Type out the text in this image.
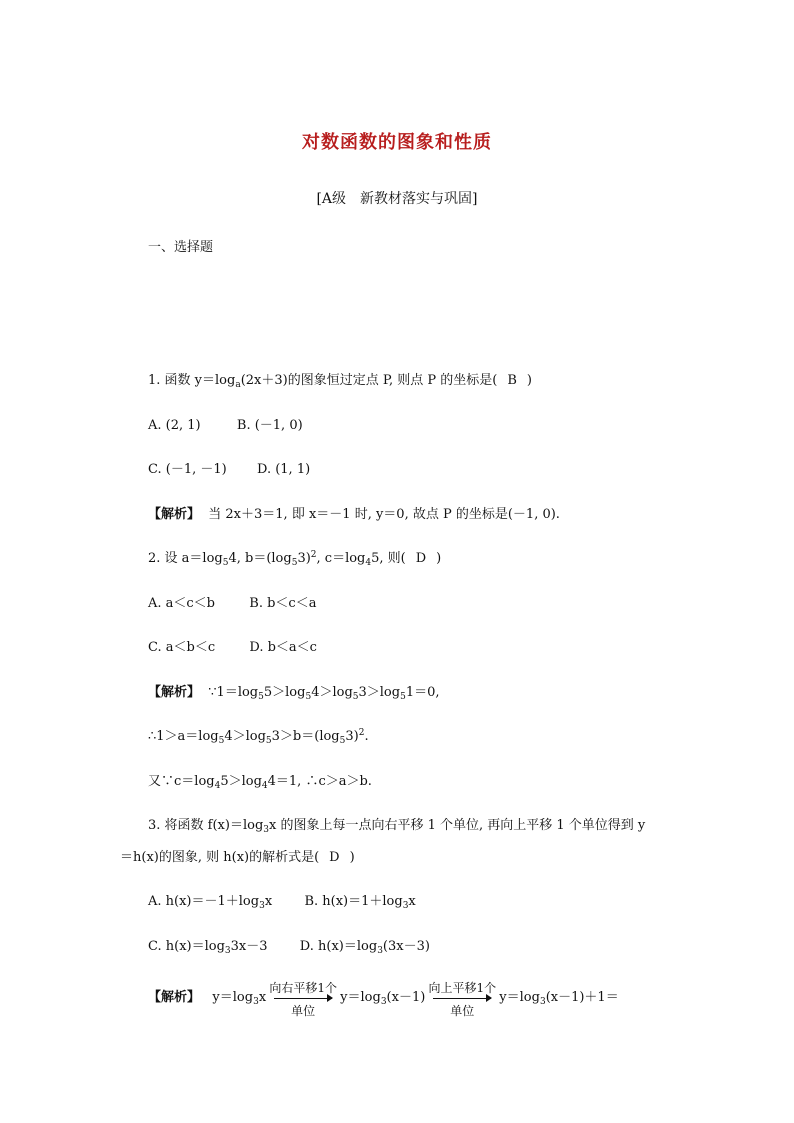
对数函数的图象和性质
[A级　新教材落实与巩固]
一、选择题
1. 函数 $y=\log_a(2x+3)$的图象恒过定点 P, 则点 P 的坐标是( B )
A. (2, 1)	B. (－1, 0)
C. (－1, －1) D. (1, 1)
【解析】 当 2x＋3＝1, 即 x＝－1 时, y＝0, 故点 P 的坐标是(－1, 0).
2. 设 $a=\log_54$, $b=(\log_53)^2$, $c=\log_45$, 则( D )
A. a＜c＜b	B. b＜c＜a
C. a＜b＜c	D. b＜a＜c
【解析】 $\because 1=\log_55>\log_54>\log_53>\log_51=0$,
$\therefore 1>a=\log_54>\log_53>b=(\log_53)^2$.
又$\because c=\log_45>\log_44=1$, ∴c＞a＞b.
3. 将函数 $f(x)=\log_3x$ 的图象上每一点向右平移 1 个单位, 再向上平移 1 个单位得到 y
＝h(x)的图象, 则 h(x)的解析式是( D )
A. $h(x)=-1+\log_3x$ B. $h(x)=1+\log_3x$
C. $h(x)=\log_33x-3$ D. $h(x)=\log_3(3x-3)$
【解析】 $y=\log_3x$
向右平移1个
单位
$y=\log_3(x-1)$
向上平移1个
单位
$y=\log_3(x-1)+1=$
